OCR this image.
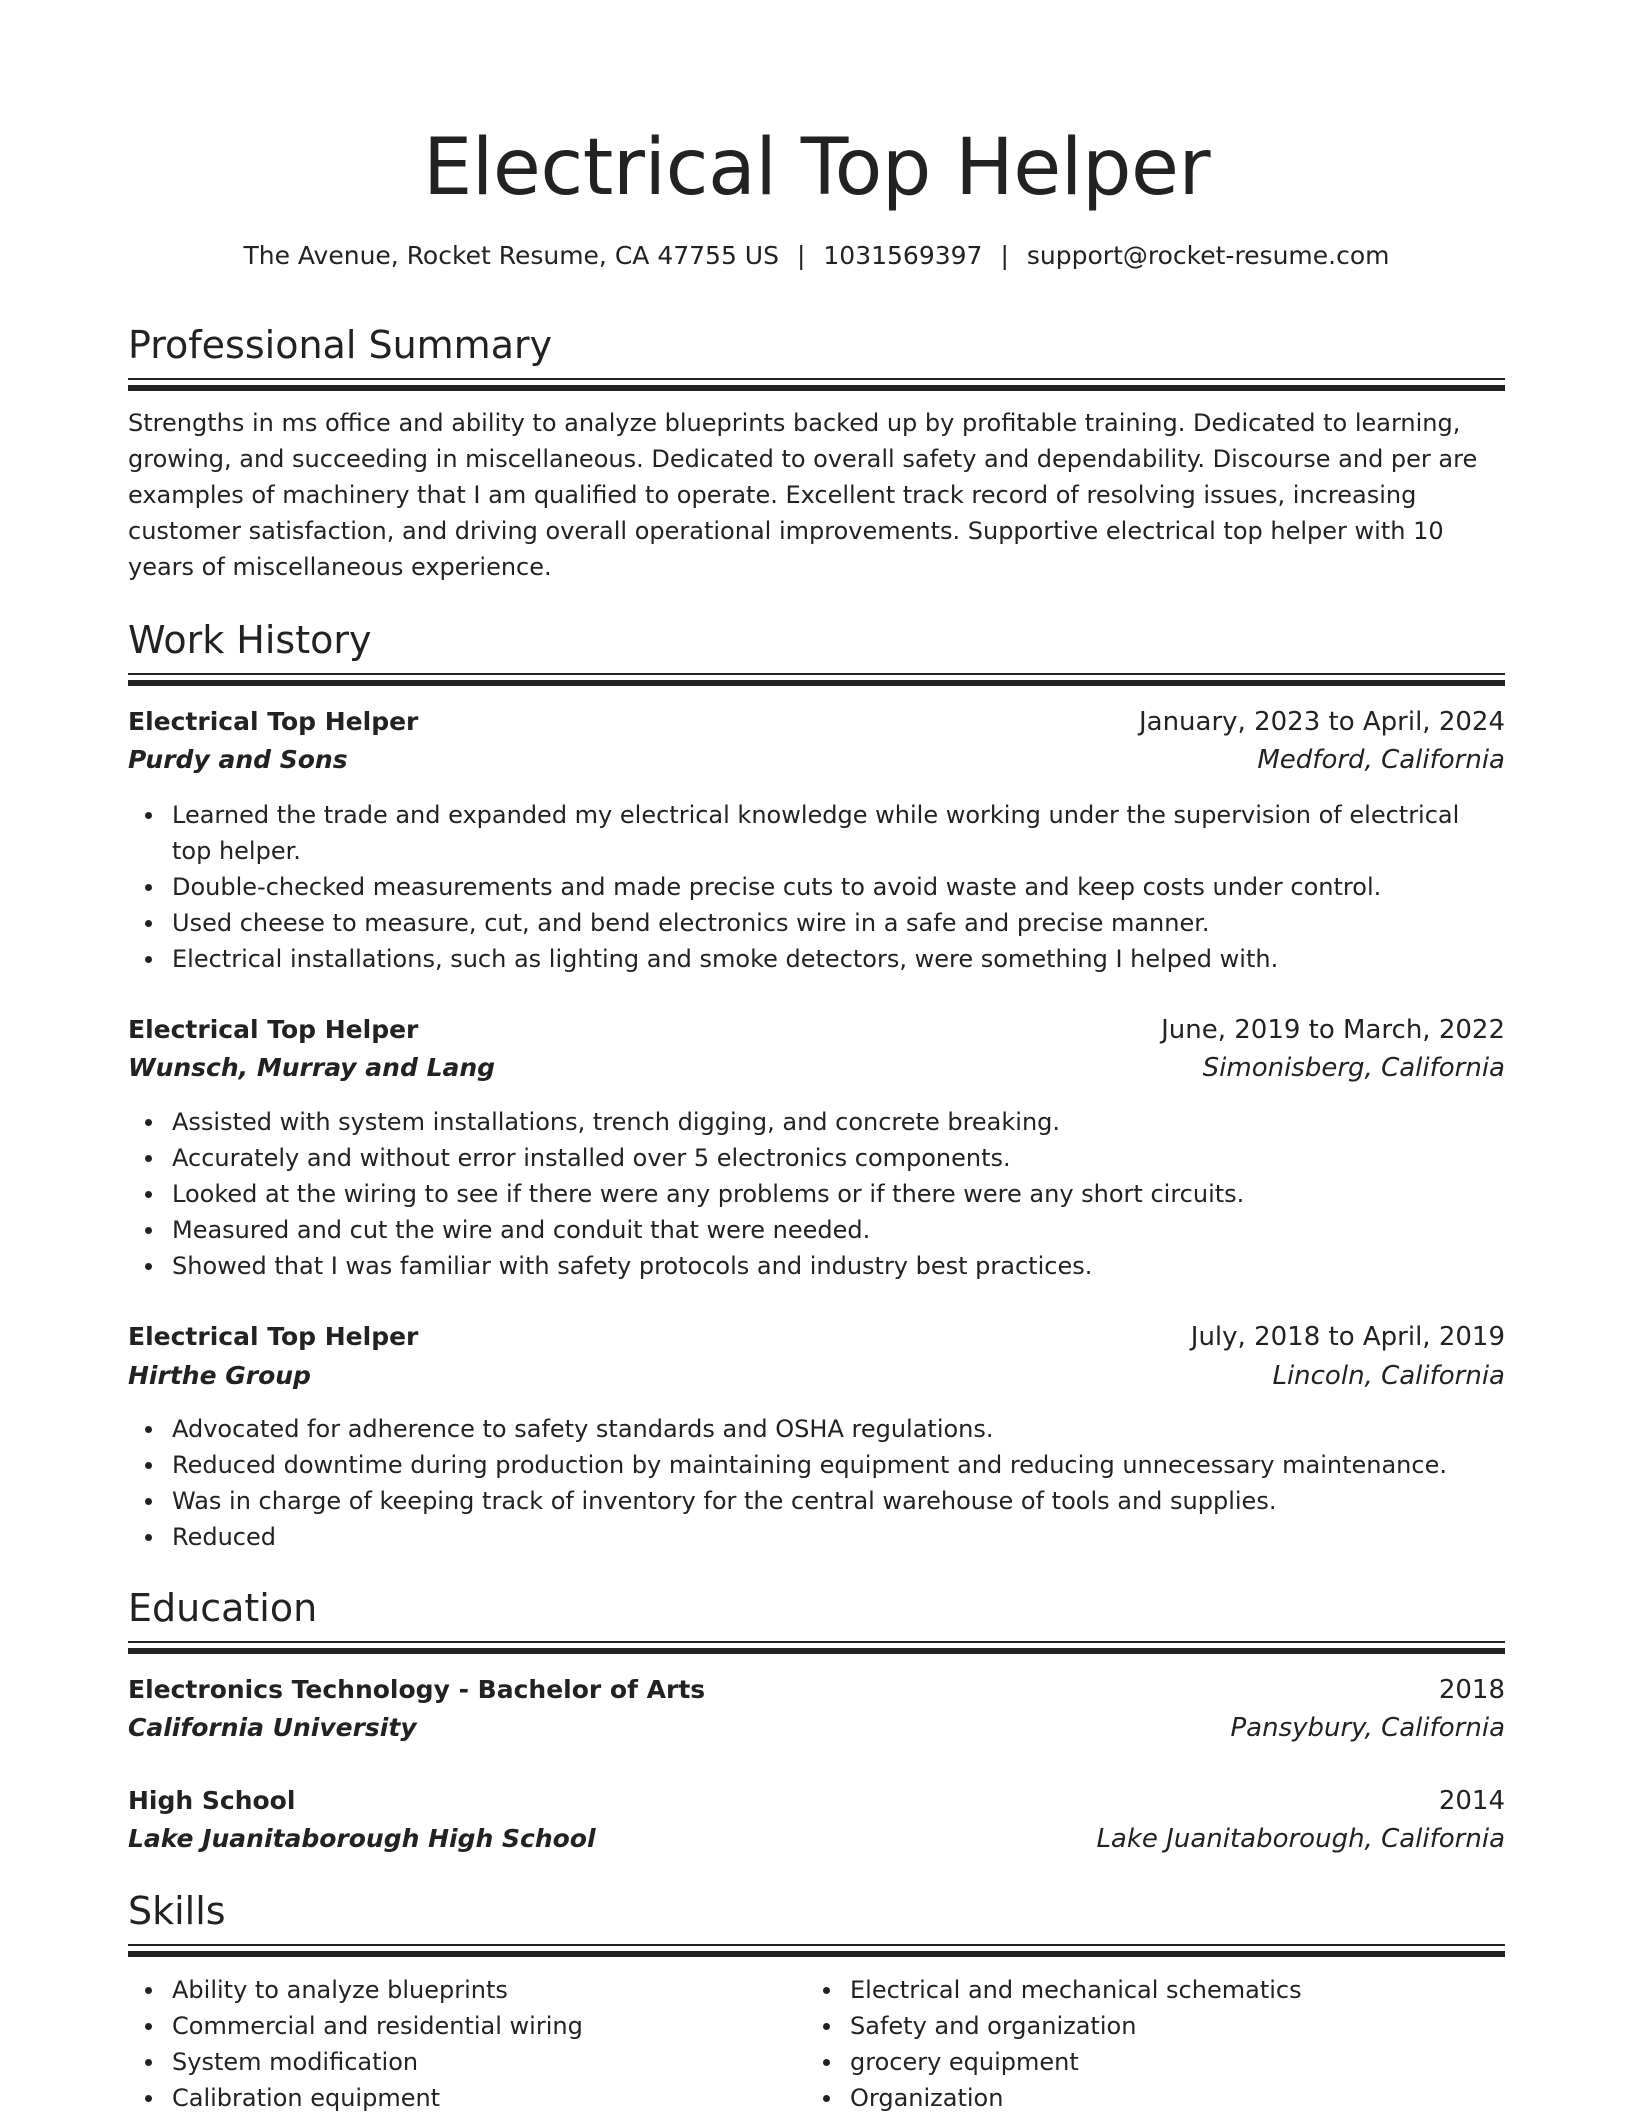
Electrical Top Helper
The Avenue, Rocket Resume, CA 47755 US | 1031569397 | support@rocket-resume.com
Professional Summary

Strengths in ms office and ability to analyze blueprints backed up by profitable training. Dedicated to learning, growing, and succeeding in miscellaneous. Dedicated to overall safety and dependability. Discourse and per are examples of machinery that I am qualified to operate. Excellent track record of resolving issues, increasing customer satisfaction, and driving overall operational improvements. Supportive electrical top helper with 10 years of miscellaneous experience.

Work History
Electrical Top Helper	January, 2023 to April, 2024
Purdy and Sons	Medford, California
Learned the trade and expanded my electrical knowledge while working under the supervision of electrical top helper.
Double-checked measurements and made precise cuts to avoid waste and keep costs under control.
Used cheese to measure, cut, and bend electronics wire in a safe and precise manner.
Electrical installations, such as lighting and smoke detectors, were something I helped with.
Electrical Top Helper	June, 2019 to March, 2022
Wunsch, Murray and Lang	Simonisberg, California
Assisted with system installations, trench digging, and concrete breaking.
Accurately and without error installed over 5 electronics components.
Looked at the wiring to see if there were any problems or if there were any short circuits.
Measured and cut the wire and conduit that were needed.
Showed that I was familiar with safety protocols and industry best practices.
Electrical Top Helper	July, 2018 to April, 2019
Hirthe Group	Lincoln, California
Advocated for adherence to safety standards and OSHA regulations.
Reduced downtime during production by maintaining equipment and reducing unnecessary maintenance.
Was in charge of keeping track of inventory for the central warehouse of tools and supplies.
Reduced
Education
Electronics Technology - Bachelor of Arts	2018
California University	Pansybury, California
High School	2014
Lake Juanitaborough High School	Lake Juanitaborough, California
Skills
Ability to analyze blueprints
Commercial and residential wiring
System modification
Calibration equipment
Electrical and mechanical schematics
Safety and organization
grocery equipment
Organization
